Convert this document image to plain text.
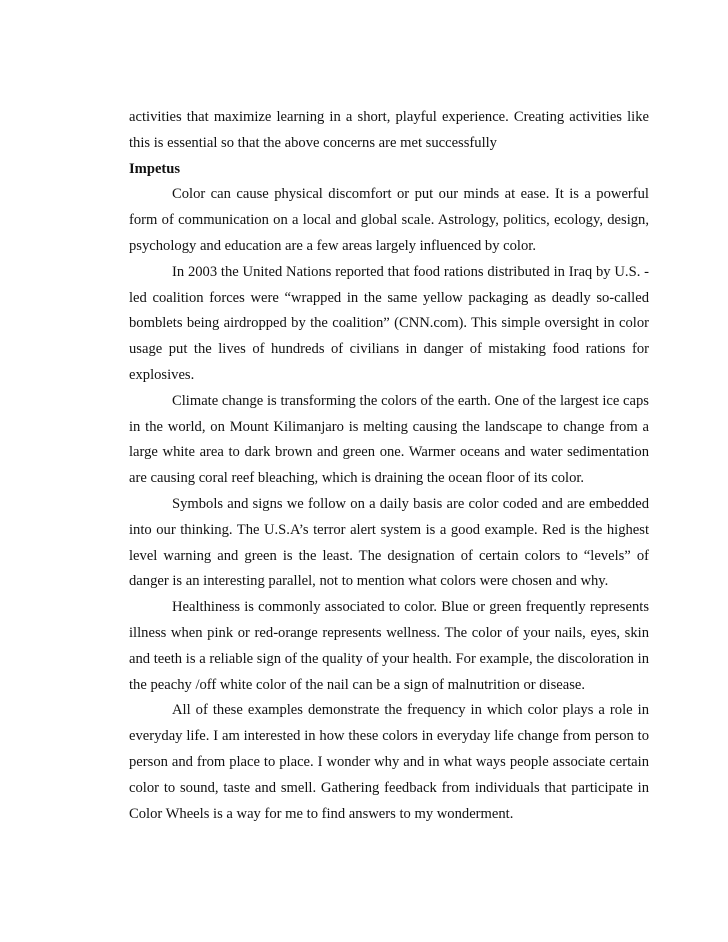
activities that maximize learning in a short, playful experience. Creating activities like
this is essential so that the above concerns are met successfully
Impetus
Color can cause physical discomfort or put our minds at ease. It is a powerful
form of communication on a local and global scale. Astrology, politics, ecology, design,
psychology and education are a few areas largely influenced by color.
In 2003 the United Nations reported that food rations distributed in Iraq by U.S. -
led coalition forces were “wrapped in the same yellow packaging as deadly so-called
bomblets being airdropped by the coalition” (CNN.com). This simple oversight in color
usage put the lives of hundreds of civilians in danger of mistaking food rations for
explosives.
Climate change is transforming the colors of the earth. One of the largest ice caps
in the world, on Mount Kilimanjaro is melting causing the landscape to change from a
large white area to dark brown and green one. Warmer oceans and water sedimentation
are causing coral reef bleaching, which is draining the ocean floor of its color.
Symbols and signs we follow on a daily basis are color coded and are embedded
into our thinking. The U.S.A’s terror alert system is a good example. Red is the highest
level warning and green is the least. The designation of certain colors to “levels” of
danger is an interesting parallel, not to mention what colors were chosen and why.
Healthiness is commonly associated to color. Blue or green frequently represents
illness when pink or red-orange represents wellness. The color of your nails, eyes, skin
and teeth is a reliable sign of the quality of your health. For example, the discoloration in
the peachy /off white color of the nail can be a sign of malnutrition or disease.
All of these examples demonstrate the frequency in which color plays a role in
everyday life. I am interested in how these colors in everyday life change from person to
person and from place to place. I wonder why and in what ways people associate certain
color to sound, taste and smell. Gathering feedback from individuals that participate in
Color Wheels is a way for me to find answers to my wonderment.
